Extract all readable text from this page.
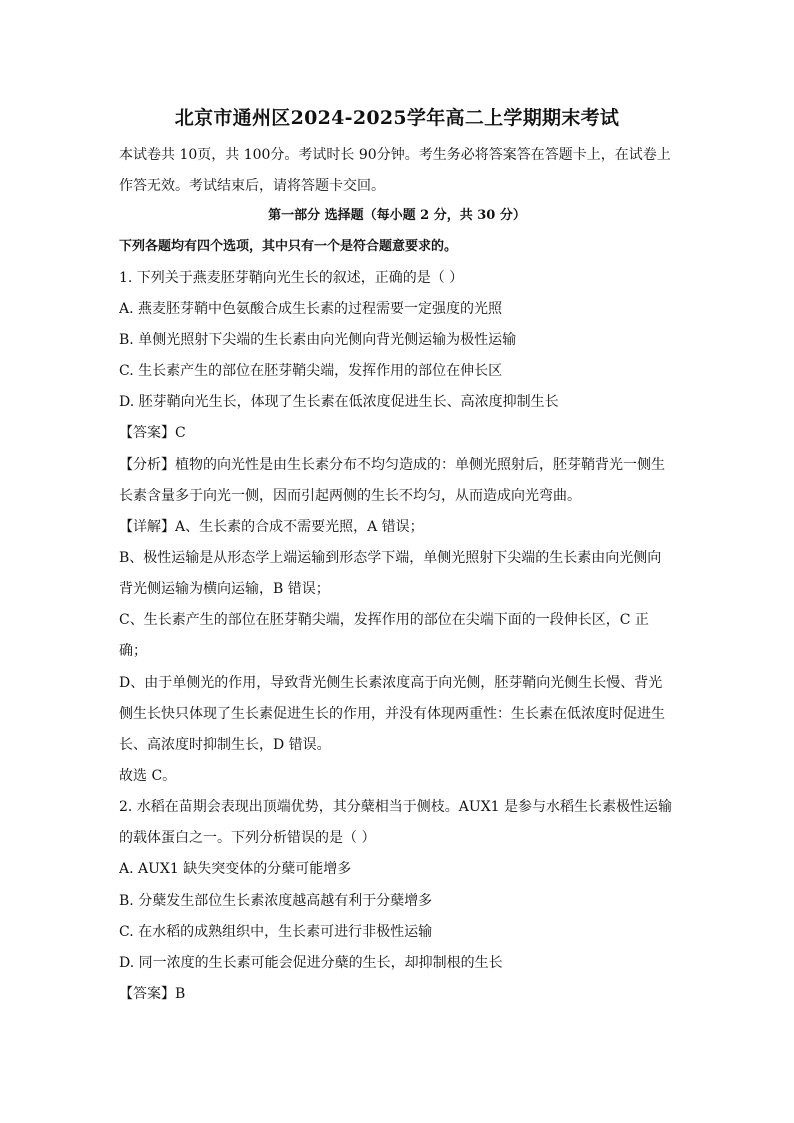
北京市通州区2024-2025学年高二上学期期末考试
本试卷共 10页，共 100分。考试时长 90分钟。考生务必将答案答在答题卡上，在试卷上
作答无效。考试结束后，请将答题卡交回。
第一部分 选择题（每小题 2 分，共 30 分）
下列各题均有四个选项，其中只有一个是符合题意要求的。
1. 下列关于燕麦胚芽鞘向光生长的叙述，正确的是（ ）
A. 燕麦胚芽鞘中色氨酸合成生长素的过程需要一定强度的光照
B. 单侧光照射下尖端的生长素由向光侧向背光侧运输为极性运输
C. 生长素产生的部位在胚芽鞘尖端，发挥作用的部位在伸长区
D. 胚芽鞘向光生长，体现了生长素在低浓度促进生长、高浓度抑制生长
【答案】C
【分析】植物的向光性是由生长素分布不均匀造成的：单侧光照射后，胚芽鞘背光一侧生
长素含量多于向光一侧，因而引起两侧的生长不均匀，从而造成向光弯曲。
【详解】A、生长素的合成不需要光照，A 错误；
B、极性运输是从形态学上端运输到形态学下端，单侧光照射下尖端的生长素由向光侧向
背光侧运输为横向运输，B 错误；
C、生长素产生的部位在胚芽鞘尖端，发挥作用的部位在尖端下面的一段伸长区，C 正
确；
D、由于单侧光的作用，导致背光侧生长素浓度高于向光侧，胚芽鞘向光侧生长慢、背光
侧生长快只体现了生长素促进生长的作用，并没有体现两重性：生长素在低浓度时促进生
长、高浓度时抑制生长，D 错误。
故选 C。
2. 水稻在苗期会表现出顶端优势，其分蘖相当于侧枝。AUX1 是参与水稻生长素极性运输
的载体蛋白之一。下列分析错误的是（ ）
A. AUX1 缺失突变体的分蘖可能增多
B. 分蘖发生部位生长素浓度越高越有利于分蘖增多
C. 在水稻的成熟组织中，生长素可进行非极性运输
D. 同一浓度的生长素可能会促进分蘖的生长，却抑制根的生长
【答案】B
